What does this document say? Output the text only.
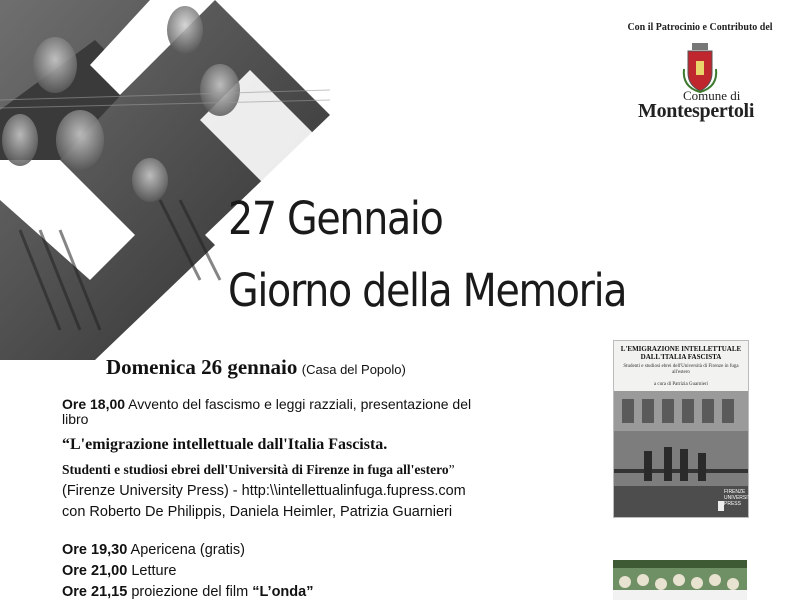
Con il Patrocinio e Contributo del
Comune di
Montespertoli
27 Gennaio
Giorno della Memoria
Domenica 26 gennaio (Casa del Popolo)
Ore 18,00 Avvento del fascismo e leggi razziali, presentazione del
libro
“L'emigrazione intellettuale dall'Italia Fascista.
Studenti e studiosi ebrei dell'Università di Firenze in fuga all'estero”
(Firenze University Press) - http:\\intellettualinfuga.fupress.com
con Roberto De Philippis, Daniela Heimler, Patrizia Guarnieri
Ore 19,30 Apericena (gratis)
Ore 21,00 Letture
Ore 21,15 proiezione del film “L’onda”
L'EMIGRAZIONE INTELLETTUALE DALL'ITALIA FASCISTA
Studenti e studiosi ebrei dell'Università di Firenze in fuga all'estero
a cura di Patrizia Guarnieri
FIRENZE UNIVERSITY PRESS
